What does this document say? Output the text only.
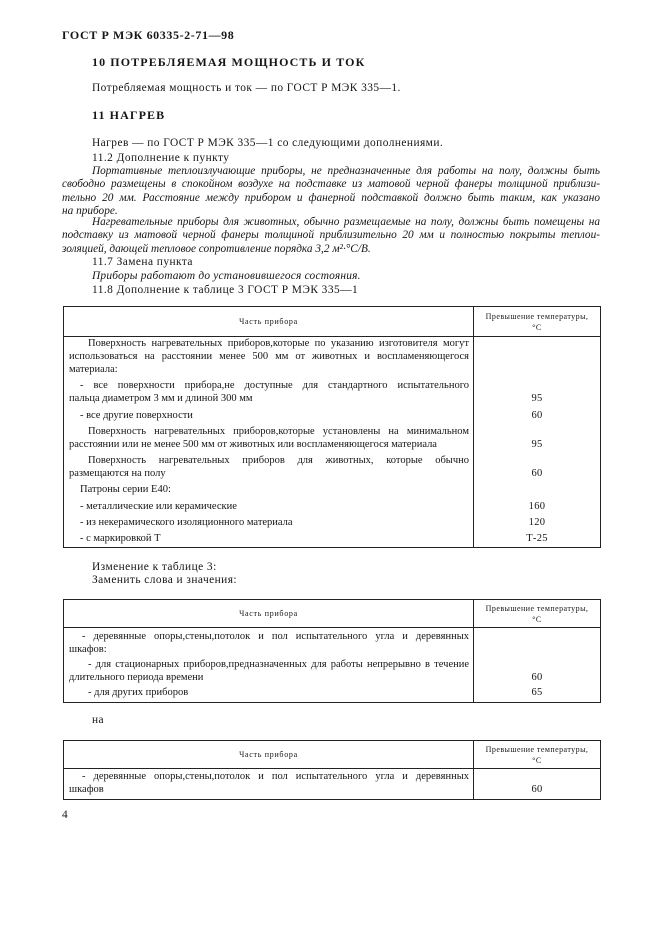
ГОСТ Р МЭК 60335-2-71—98
10 ПОТРЕБЛЯЕМАЯ МОЩНОСТЬ И ТОК
Потребляемая мощность и ток — по ГОСТ Р МЭК 335—1.
11 НАГРЕВ
Нагрев — по ГОСТ Р МЭК 335—1 со следующими дополнениями.
11.2 Дополнение к пункту
Портативные теплоизлучающие приборы, не предназначенные для работы на полу, должны быть
свободно размещены в спокойном воздухе на подставке из матовой черной фанеры толщиной приблизи-
тельно 20 мм. Расстояние между прибором и фанерной подставкой должно быть таким, как указано
на приборе.
Нагревательные приборы для животных, обычно размещаемые на полу, должны быть помещены на
подставку из матовой черной фанеры толщиной приблизительно 20 мм и полностью покрыты теплои-
золяцией, дающей тепловое сопротивление порядка 3,2 м²·°С/В.
11.7 Замена пункта
Приборы работают до установившегося состояния.
11.8 Дополнение к таблице 3 ГОСТ Р МЭК 335—1
Часть прибора
Превышение температуры,
°С
Поверхность нагревательных приборов,которые по указанию изготовителя могут
использоваться на расстоянии менее 500 мм от животных и воспламеняющегося
материала:
- все поверхности прибора,не доступные для стандартного испытательного
пальца диаметром 3 мм и длиной 300 мм	95
- все другие поверхности	60
Поверхность нагревательных приборов,которые установлены на минимальном
расстоянии или не менее 500 мм от животных или воспламеняющегося материала	95
Поверхность нагревательных приборов для животных, которые обычно
размещаются на полу	60
Патроны серии Е40:
- металлические или керамические	160
- из некерамического изоляционного материала	120
- с маркировкой Т	Т-25
Изменение к таблице 3:
Заменить слова и значения:
Часть прибора
Превышение температуры,
°С
- деревянные опоры,стены,потолок и пол испытательного угла и деревянных
шкафов:
- для стационарных приборов,предназначенных для работы непрерывно в течение
длительного периода времени	60
- для других приборов	65
на
Часть прибора
Превышение температуры,
°С
- деревянные опоры,стены,потолок и пол испытательного угла и деревянных
шкафов	60
4
